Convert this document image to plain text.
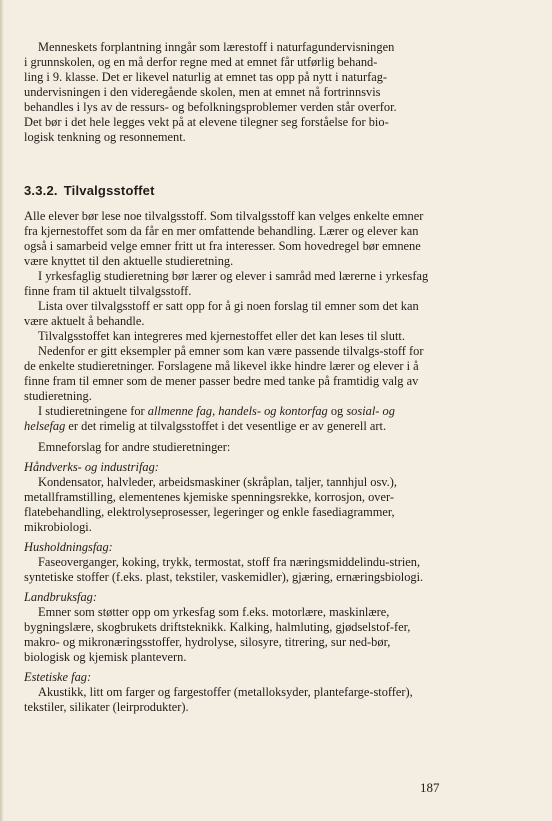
Menneskets forplantning inngår som lærestoff i naturfagundervisningen
i grunnskolen, og en må derfor regne med at emnet får utførlig behand-
ling i 9. klasse. Det er likevel naturlig at emnet tas opp på nytt i naturfag-
undervisningen i den videregående skolen, men at emnet nå fortrinnsvis
behandles i lys av de ressurs- og befolkningsproblemer verden står overfor.
Det bør i det hele legges vekt på at elevene tilegner seg forståelse for bio-
logisk tenkning og resonnement.

3.3.2. Tilvalgsstoffet

Alle elever bør lese noe tilvalgsstoff. Som tilvalgsstoff kan velges enkelte emner fra kjernestoffet som da får en mer omfattende behandling. Lærer og elever kan også i samarbeid velge emner fritt ut fra interesser. Som hovedregel bør emnene være knyttet til den aktuelle studieretning.

I yrkesfaglig studieretning bør lærer og elever i samråd med lærerne i yrkesfag finne fram til aktuelt tilvalgsstoff.

Lista over tilvalgsstoff er satt opp for å gi noen forslag til emner som det kan være aktuelt å behandle.

Tilvalgsstoffet kan integreres med kjernestoffet eller det kan leses til slutt.

Nedenfor er gitt eksempler på emner som kan være passende tilvalgs-stoff for de enkelte studieretninger. Forslagene må likevel ikke hindre lærer og elever i å finne fram til emner som de mener passer bedre med tanke på framtidig valg av studieretning.

I studieretningene for allmenne fag, handels- og kontorfag og sosial- og helsefag er det rimelig at tilvalgsstoffet i det vesentlige er av generell art.

Emneforslag for andre studieretninger:

Håndverks- og industrifag:

Kondensator, halvleder, arbeidsmaskiner (skråplan, taljer, tannhjul osv.), metallframstilling, elementenes kjemiske spenningsrekke, korrosjon, over-flatebehandling, elektrolyseprosesser, legeringer og enkle fasediagrammer, mikrobiologi.

Husholdningsfag:

Faseoverganger, koking, trykk, termostat, stoff fra næringsmiddelindu-strien, syntetiske stoffer (f.eks. plast, tekstiler, vaskemidler), gjæring, ernæringsbiologi.

Landbruksfag:

Emner som støtter opp om yrkesfag som f.eks. motorlære, maskinlære, bygningslære, skogbrukets driftsteknikk. Kalking, halmluting, gjødselstof-fer, makro- og mikronæringsstoffer, hydrolyse, silosyre, titrering, sur ned-bør, biologisk og kjemisk plantevern.

Estetiske fag:

Akustikk, litt om farger og fargestoffer (metalloksyder, plantefarge-stoffer), tekstiler, silikater (leirprodukter).

187
